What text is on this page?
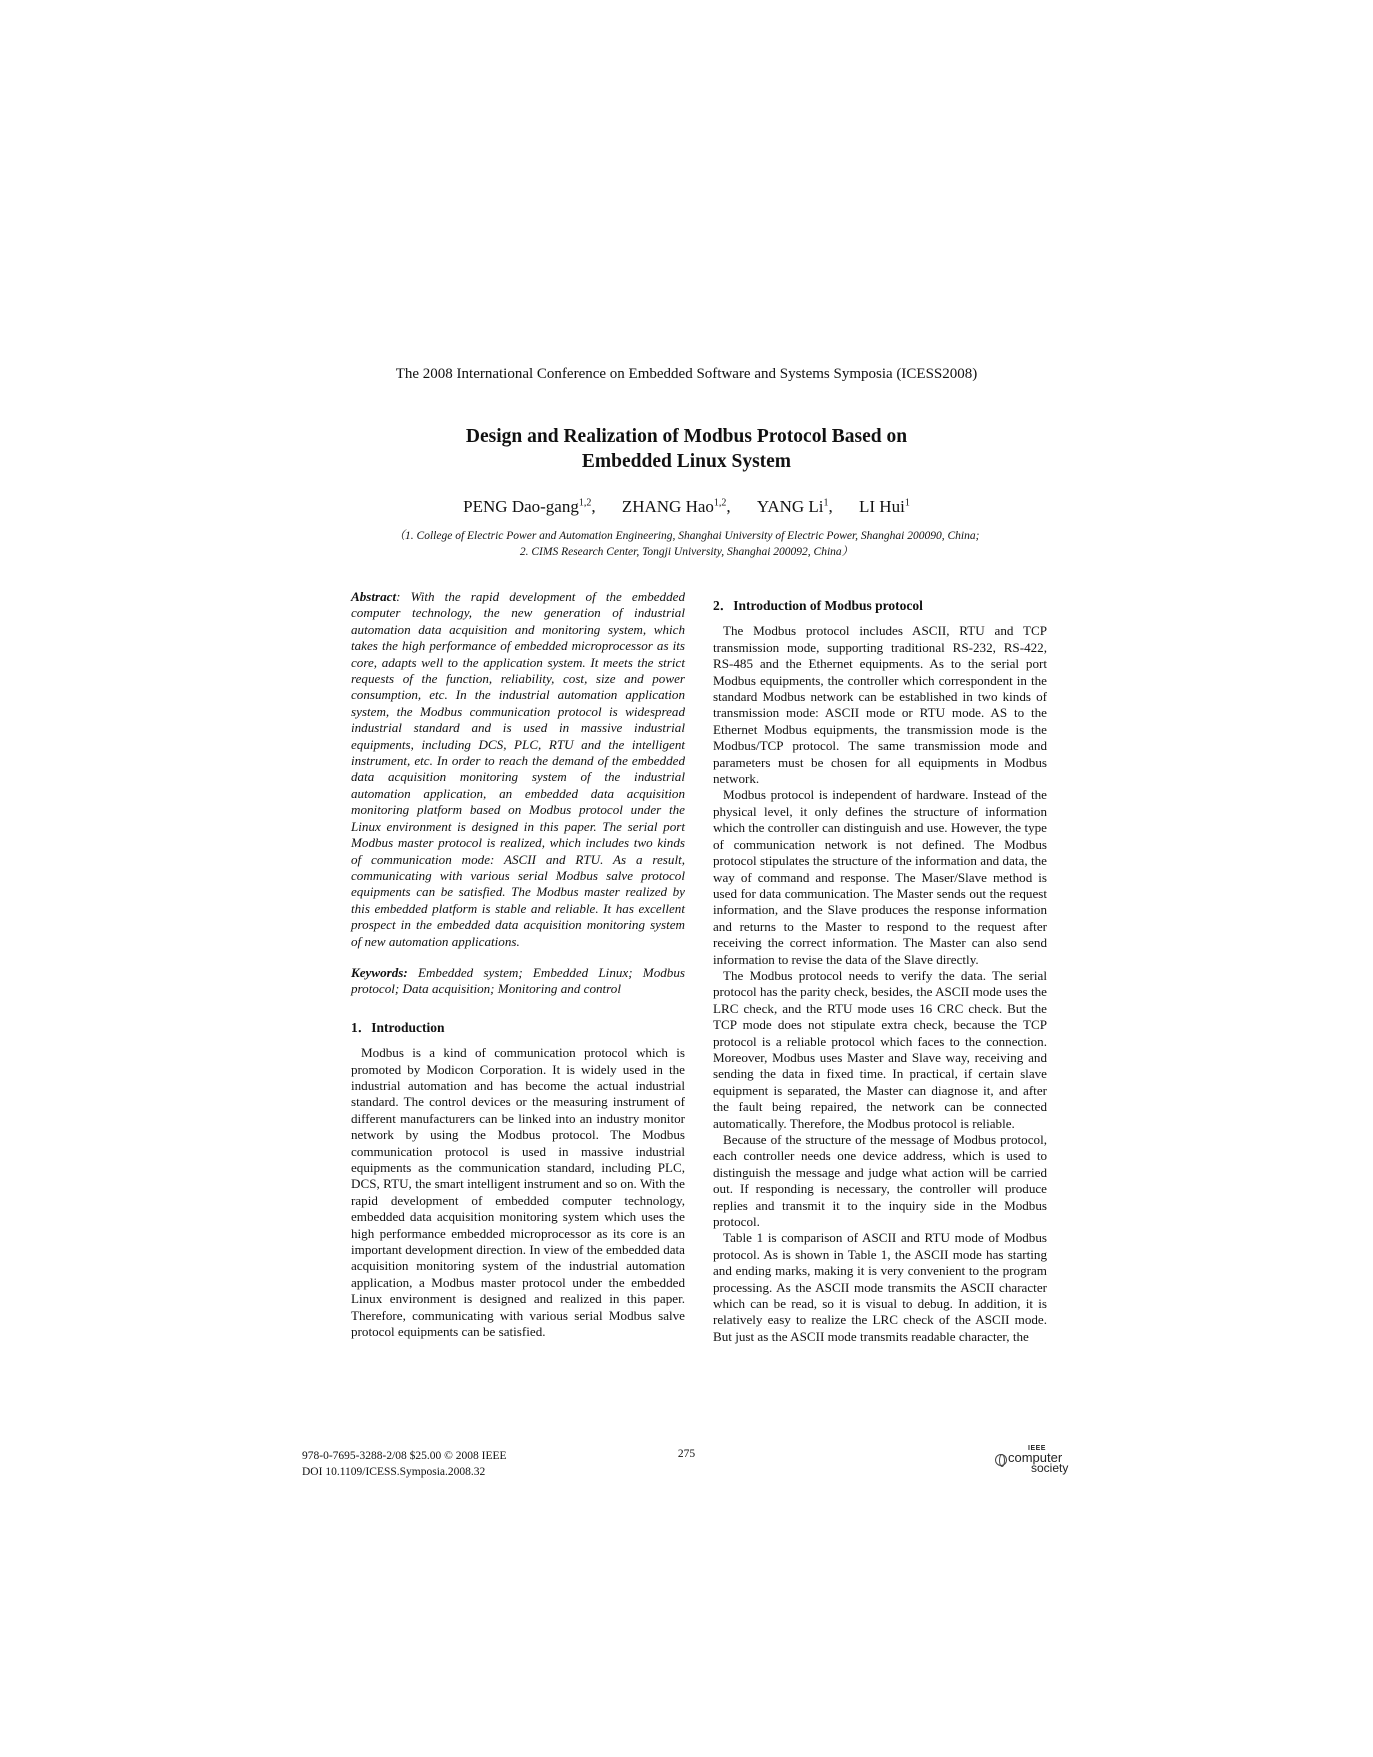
The 2008 International Conference on Embedded Software and Systems Symposia (ICESS2008)
Design and Realization of Modbus Protocol Based on
Embedded Linux System
PENG Dao-gang$^{1,2}$, ZHANG Hao$^{1,2}$, YANG Li$^1$, LI Hui$^1$
（1. College of Electric Power and Automation Engineering, Shanghai University of Electric Power, Shanghai 200090, China;
2. CIMS Research Center, Tongji University, Shanghai 200092, China）

Abstract: With the rapid development of the embedded computer technology, the new generation of industrial automation data acquisition and monitoring system, which takes the high performance of embedded microprocessor as its core, adapts well to the application system. It meets the strict requests of the function, reliability, cost, size and power consumption, etc. In the industrial automation application system, the Modbus communication protocol is widespread industrial standard and is used in massive industrial equipments, including DCS, PLC, RTU and the intelligent instrument, etc. In order to reach the demand of the embedded data acquisition monitoring system of the industrial automation application, an embedded data acquisition monitoring platform based on Modbus protocol under the Linux environment is designed in this paper. The serial port Modbus master protocol is realized, which includes two kinds of communication mode: ASCII and RTU. As a result, communicating with various serial Modbus salve protocol equipments can be satisfied. The Modbus master realized by this embedded platform is stable and reliable. It has excellent prospect in the embedded data acquisition monitoring system of new automation applications.

Keywords: Embedded system; Embedded Linux; Modbus protocol; Data acquisition; Monitoring and control

1．Introduction

Modbus is a kind of communication protocol which is promoted by Modicon Corporation. It is widely used in the industrial automation and has become the actual industrial standard. The control devices or the measuring instrument of different manufacturers can be linked into an industry monitor network by using the Modbus protocol. The Modbus communication protocol is used in massive industrial equipments as the communication standard, including PLC, DCS, RTU, the smart intelligent instrument and so on. With the rapid development of embedded computer technology, embedded data acquisition monitoring system which uses the high performance embedded microprocessor as its core is an important development direction. In view of the embedded data acquisition monitoring system of the industrial automation application, a Modbus master protocol under the embedded Linux environment is designed and realized in this paper. Therefore, communicating with various serial Modbus salve protocol equipments can be satisfied.

2．Introduction of Modbus protocol

The Modbus protocol includes ASCII, RTU and TCP transmission mode, supporting traditional RS-232, RS-422, RS-485 and the Ethernet equipments. As to the serial port Modbus equipments, the controller which correspondent in the standard Modbus network can be established in two kinds of transmission mode: ASCII mode or RTU mode. AS to the Ethernet Modbus equipments, the transmission mode is the Modbus/TCP protocol. The same transmission mode and parameters must be chosen for all equipments in Modbus network.

Modbus protocol is independent of hardware. Instead of the physical level, it only defines the structure of information which the controller can distinguish and use. However, the type of communication network is not defined. The Modbus protocol stipulates the structure of the information and data, the way of command and response. The Maser/Slave method is used for data communication. The Master sends out the request information, and the Slave produces the response information and returns to the Master to respond to the request after receiving the correct information. The Master can also send information to revise the data of the Slave directly.

The Modbus protocol needs to verify the data. The serial protocol has the parity check, besides, the ASCII mode uses the LRC check, and the RTU mode uses 16 CRC check. But the TCP mode does not stipulate extra check, because the TCP protocol is a reliable protocol which faces to the connection. Moreover, Modbus uses Master and Slave way, receiving and sending the data in fixed time. In practical, if certain slave equipment is separated, the Master can diagnose it, and after the fault being repaired, the network can be connected automatically. Therefore, the Modbus protocol is reliable.

Because of the structure of the message of Modbus protocol, each controller needs one device address, which is used to distinguish the message and judge what action will be carried out. If responding is necessary, the controller will produce replies and transmit it to the inquiry side in the Modbus protocol.

Table 1 is comparison of ASCII and RTU mode of Modbus protocol. As is shown in Table 1, the ASCII mode has starting and ending marks, making it is very convenient to the program processing. As the ASCII mode transmits the ASCII character which can be read, so it is visual to debug. In addition, it is relatively easy to realize the LRC check of the ASCII mode. But just as the ASCII mode transmits readable character, the

978-0-7695-3288-2/08 $25.00 © 2008 IEEE
DOI 10.1109/ICESS.Symposia.2008.32
275	IEEE
computer
society
